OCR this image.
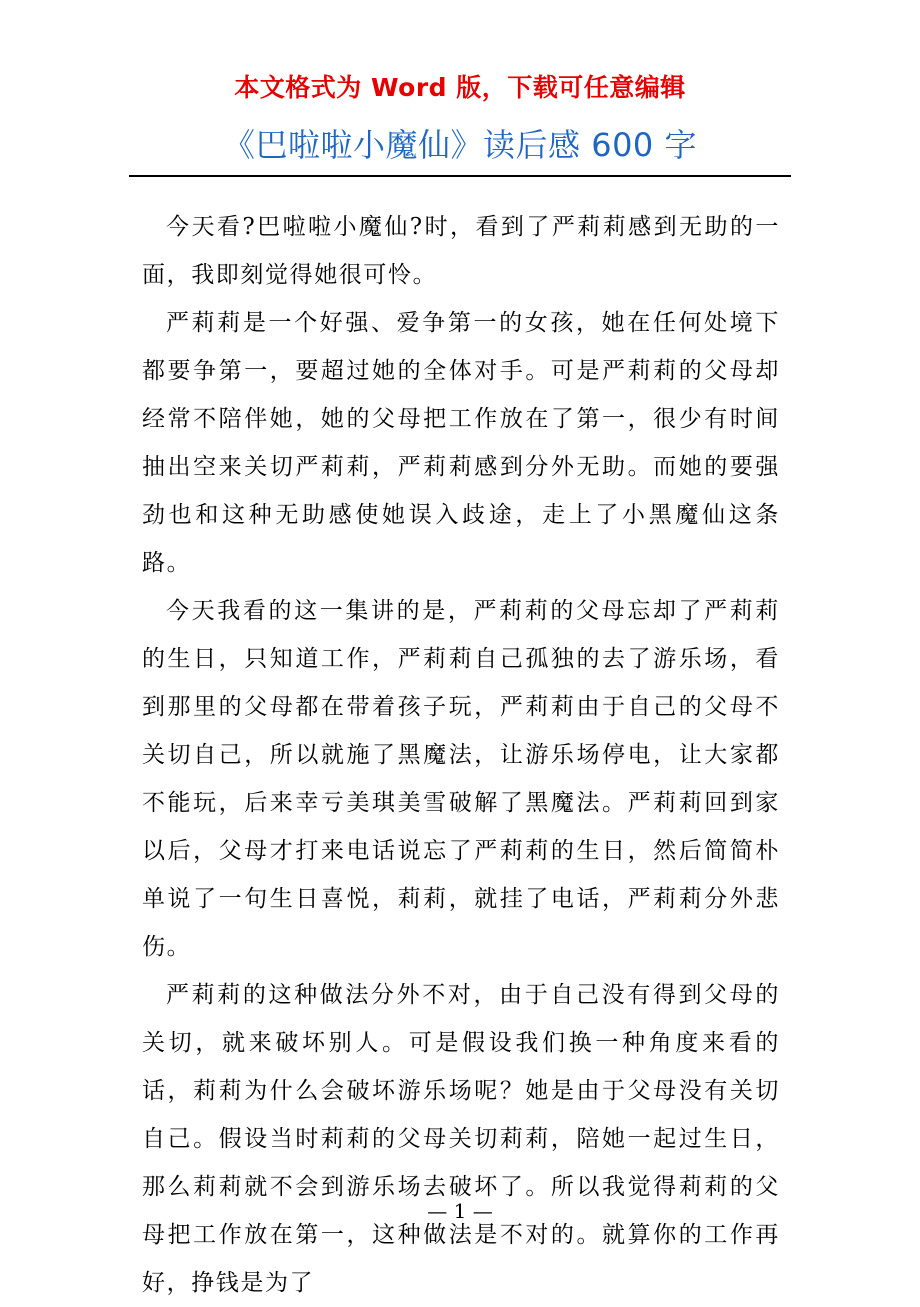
本文格式为 Word 版，下载可任意编辑
《巴啦啦小魔仙》读后感 600 字

今天看?巴啦啦小魔仙?时，看到了严莉莉感到无助的一面，我即刻觉得她很可怜。

严莉莉是一个好强、爱争第一的女孩，她在任何处境下都要争第一，要超过她的全体对手。可是严莉莉的父母却经常不陪伴她，她的父母把工作放在了第一，很少有时间抽出空来关切严莉莉，严莉莉感到分外无助。而她的要强劲也和这种无助感使她误入歧途，走上了小黑魔仙这条路。

今天我看的这一集讲的是，严莉莉的父母忘却了严莉莉的生日，只知道工作，严莉莉自己孤独的去了游乐场，看到那里的父母都在带着孩子玩，严莉莉由于自己的父母不关切自己，所以就施了黑魔法，让游乐场停电，让大家都不能玩，后来幸亏美琪美雪破解了黑魔法。严莉莉回到家以后，父母才打来电话说忘了严莉莉的生日，然后简简朴单说了一句生日喜悦，莉莉，就挂了电话，严莉莉分外悲伤。

严莉莉的这种做法分外不对，由于自己没有得到父母的关切，就来破坏别人。可是假设我们换一种角度来看的话，莉莉为什么会破坏游乐场呢？她是由于父母没有关切自己。假设当时莉莉的父母关切莉莉，陪她一起过生日，那么莉莉就不会到游乐场去破坏了。所以我觉得莉莉的父母把工作放在第一，这种做法是不对的。就算你的工作再好，挣钱是为了

— 1 —
